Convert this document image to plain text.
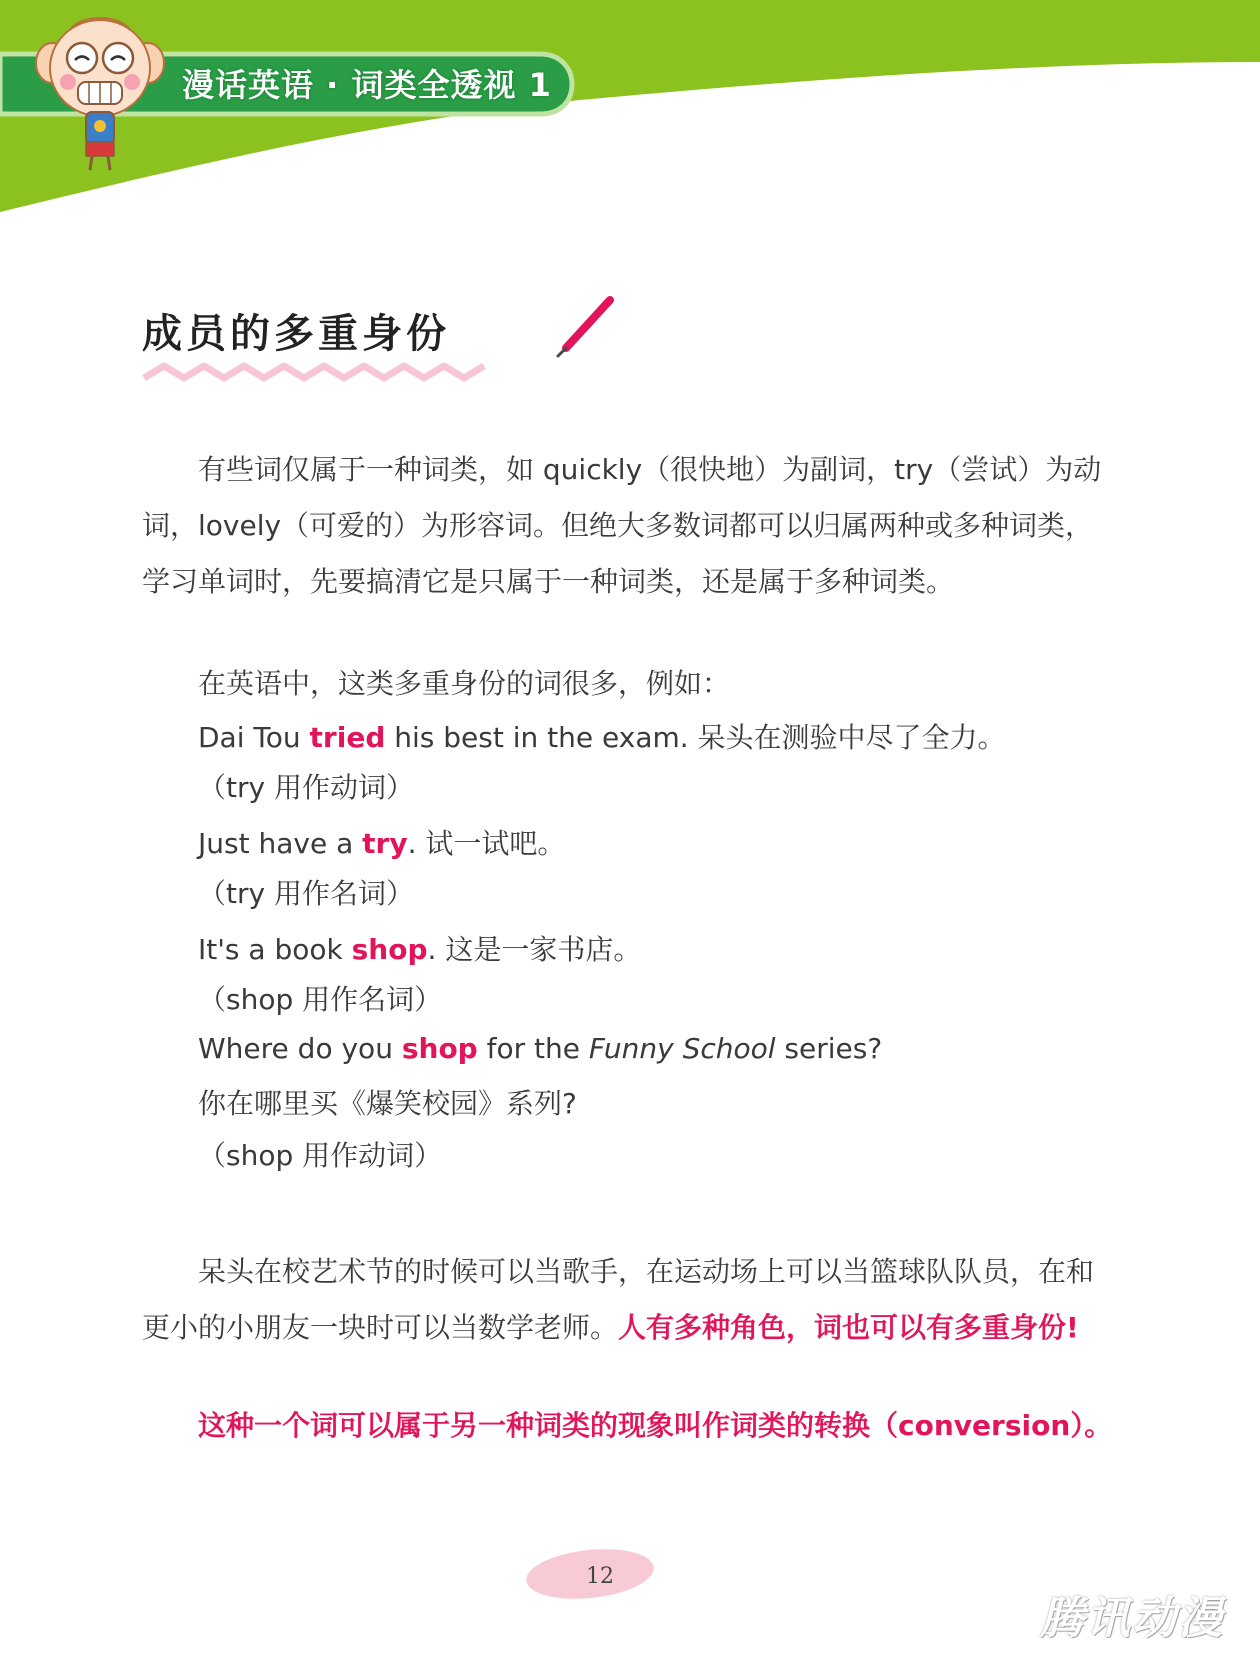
漫话英语 · 词类全透视 1
成员的多重身份

有些词仅属于一种词类，如 quickly（很快地）为副词，try（尝试）为动词，lovely（可爱的）为形容词。但绝大多数词都可以归属两种或多种词类，学习单词时，先要搞清它是只属于一种词类，还是属于多种词类。

在英语中，这类多重身份的词很多，例如：
Dai Tou tried his best in the exam. 呆头在测验中尽了全力。
（try 用作动词）
Just have a try. 试一试吧。
（try 用作名词）
It's a book shop. 这是一家书店。
（shop 用作名词）
Where do you shop for the Funny School series?
你在哪里买《爆笑校园》系列?
（shop 用作动词）

呆头在校艺术节的时候可以当歌手，在运动场上可以当篮球队队员，在和更小的小朋友一块时可以当数学老师。人有多种角色，词也可以有多重身份!

这种一个词可以属于另一种词类的现象叫作词类的转换（conversion）。
12
腾讯动漫
